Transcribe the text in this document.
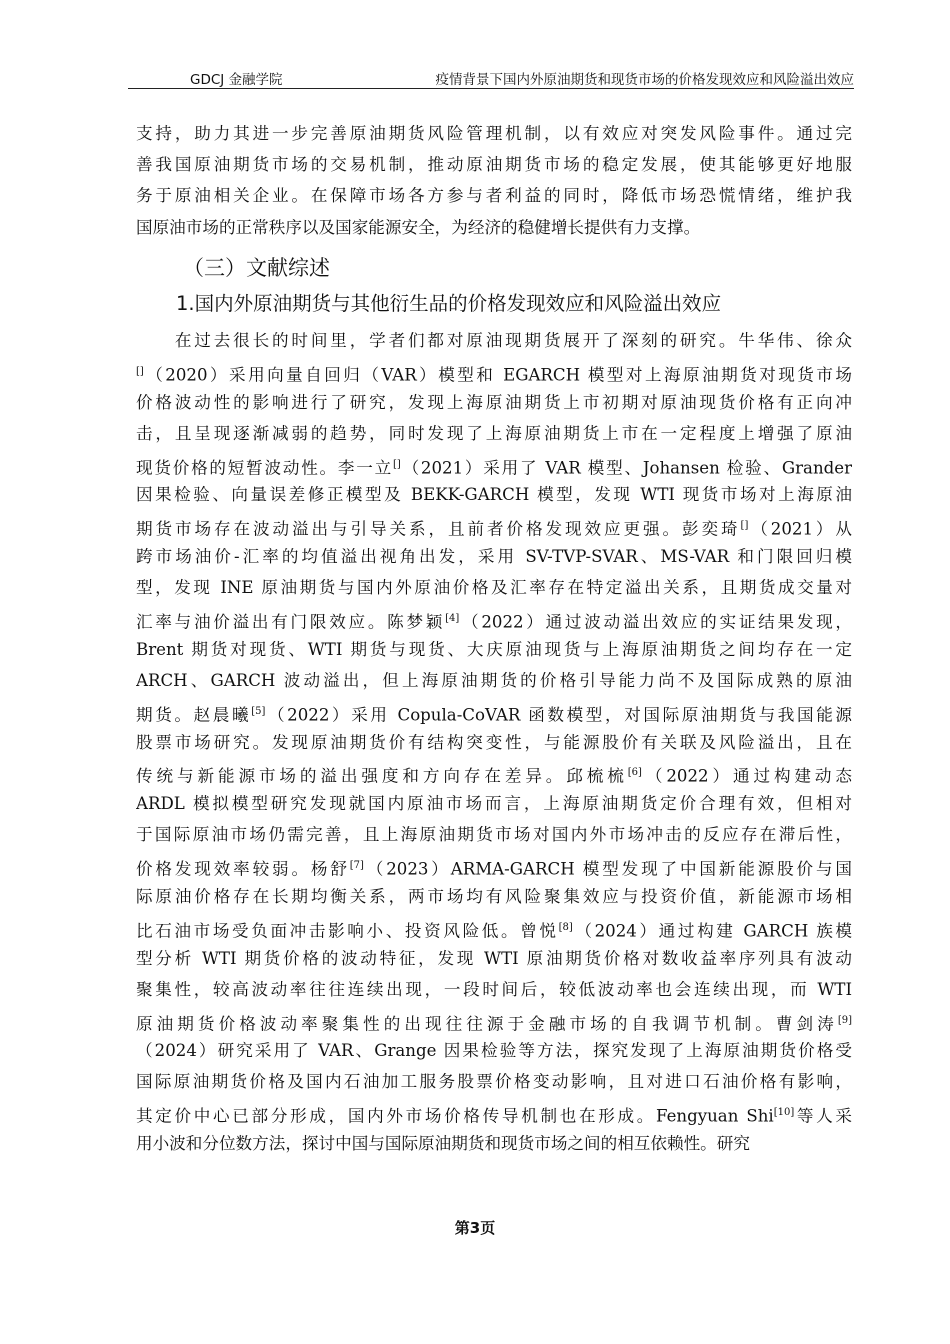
GDCJ 金融学院	疫情背景下国内外原油期货和现货市场的价格发现效应和风险溢出效应
支持，助力其进一步完善原油期货风险管理机制，以有效应对突发风险事件。通过完
善我国原油期货市场的交易机制，推动原油期货市场的稳定发展，使其能够更好地服
务于原油相关企业。在保障市场各方参与者利益的同时，降低市场恐慌情绪，维护我
国原油市场的正常秩序以及国家能源安全，为经济的稳健增长提供有力支撑。
（三）文献综述
1.国内外原油期货与其他衍生品的价格发现效应和风险溢出效应
　　在过去很长的时间里，学者们都对原油现期货展开了深刻的研究。牛华伟、徐众
[]（2020）采用向量自回归（VAR）模型和 EGARCH 模型对上海原油期货对现货市场
价格波动性的影响进行了研究，发现上海原油期货上市初期对原油现货价格有正向冲
击，且呈现逐渐减弱的趋势，同时发现了上海原油期货上市在一定程度上增强了原油
现货价格的短暂波动性。李一立[]（2021）采用了 VAR 模型、Johansen 检验、Grander
因果检验、向量误差修正模型及 BEKK-GARCH 模型，发现 WTI 现货市场对上海原油
期货市场存在波动溢出与引导关系，且前者价格发现效应更强。彭奕琦[]（2021）从
跨市场油价-汇率的均值溢出视角出发，采用 SV-TVP-SVAR、MS-VAR 和门限回归模
型，发现 INE 原油期货与国内外原油价格及汇率存在特定溢出关系，且期货成交量对
汇率与油价溢出有门限效应。陈梦颖[4]（2022）通过波动溢出效应的实证结果发现，
Brent 期货对现货、WTI 期货与现货、大庆原油现货与上海原油期货之间均存在一定
ARCH、GARCH 波动溢出，但上海原油期货的价格引导能力尚不及国际成熟的原油
期货。赵晨曦[5]（2022）采用 Copula-CoVAR 函数模型，对国际原油期货与我国能源
股票市场研究。发现原油期货价有结构突变性，与能源股价有关联及风险溢出，且在
传统与新能源市场的溢出强度和方向存在差异。邱梳梳[6]（2022）通过构建动态
ARDL 模拟模型研究发现就国内原油市场而言，上海原油期货定价合理有效，但相对
于国际原油市场仍需完善，且上海原油期货市场对国内外市场冲击的反应存在滞后性，
价格发现效率较弱。杨舒[7]（2023）ARMA-GARCH 模型发现了中国新能源股价与国
际原油价格存在长期均衡关系，两市场均有风险聚集效应与投资价值，新能源市场相
比石油市场受负面冲击影响小、投资风险低。曾悦[8]（2024）通过构建 GARCH 族模
型分析 WTI 期货价格的波动特征，发现 WTI 原油期货价格对数收益率序列具有波动
聚集性，较高波动率往往连续出现，一段时间后，较低波动率也会连续出现，而 WTI
原油期货价格波动率聚集性的出现往往源于金融市场的自我调节机制。曹剑涛[9]
（2024）研究采用了 VAR、Grange 因果检验等方法，探究发现了上海原油期货价格受
国际原油期货价格及国内石油加工服务股票价格变动影响，且对进口石油价格有影响，
其定价中心已部分形成，国内外市场价格传导机制也在形成。Fengyuan Shi[10]等人采
用小波和分位数方法，探讨中国与国际原油期货和现货市场之间的相互依赖性。研究
第3页
